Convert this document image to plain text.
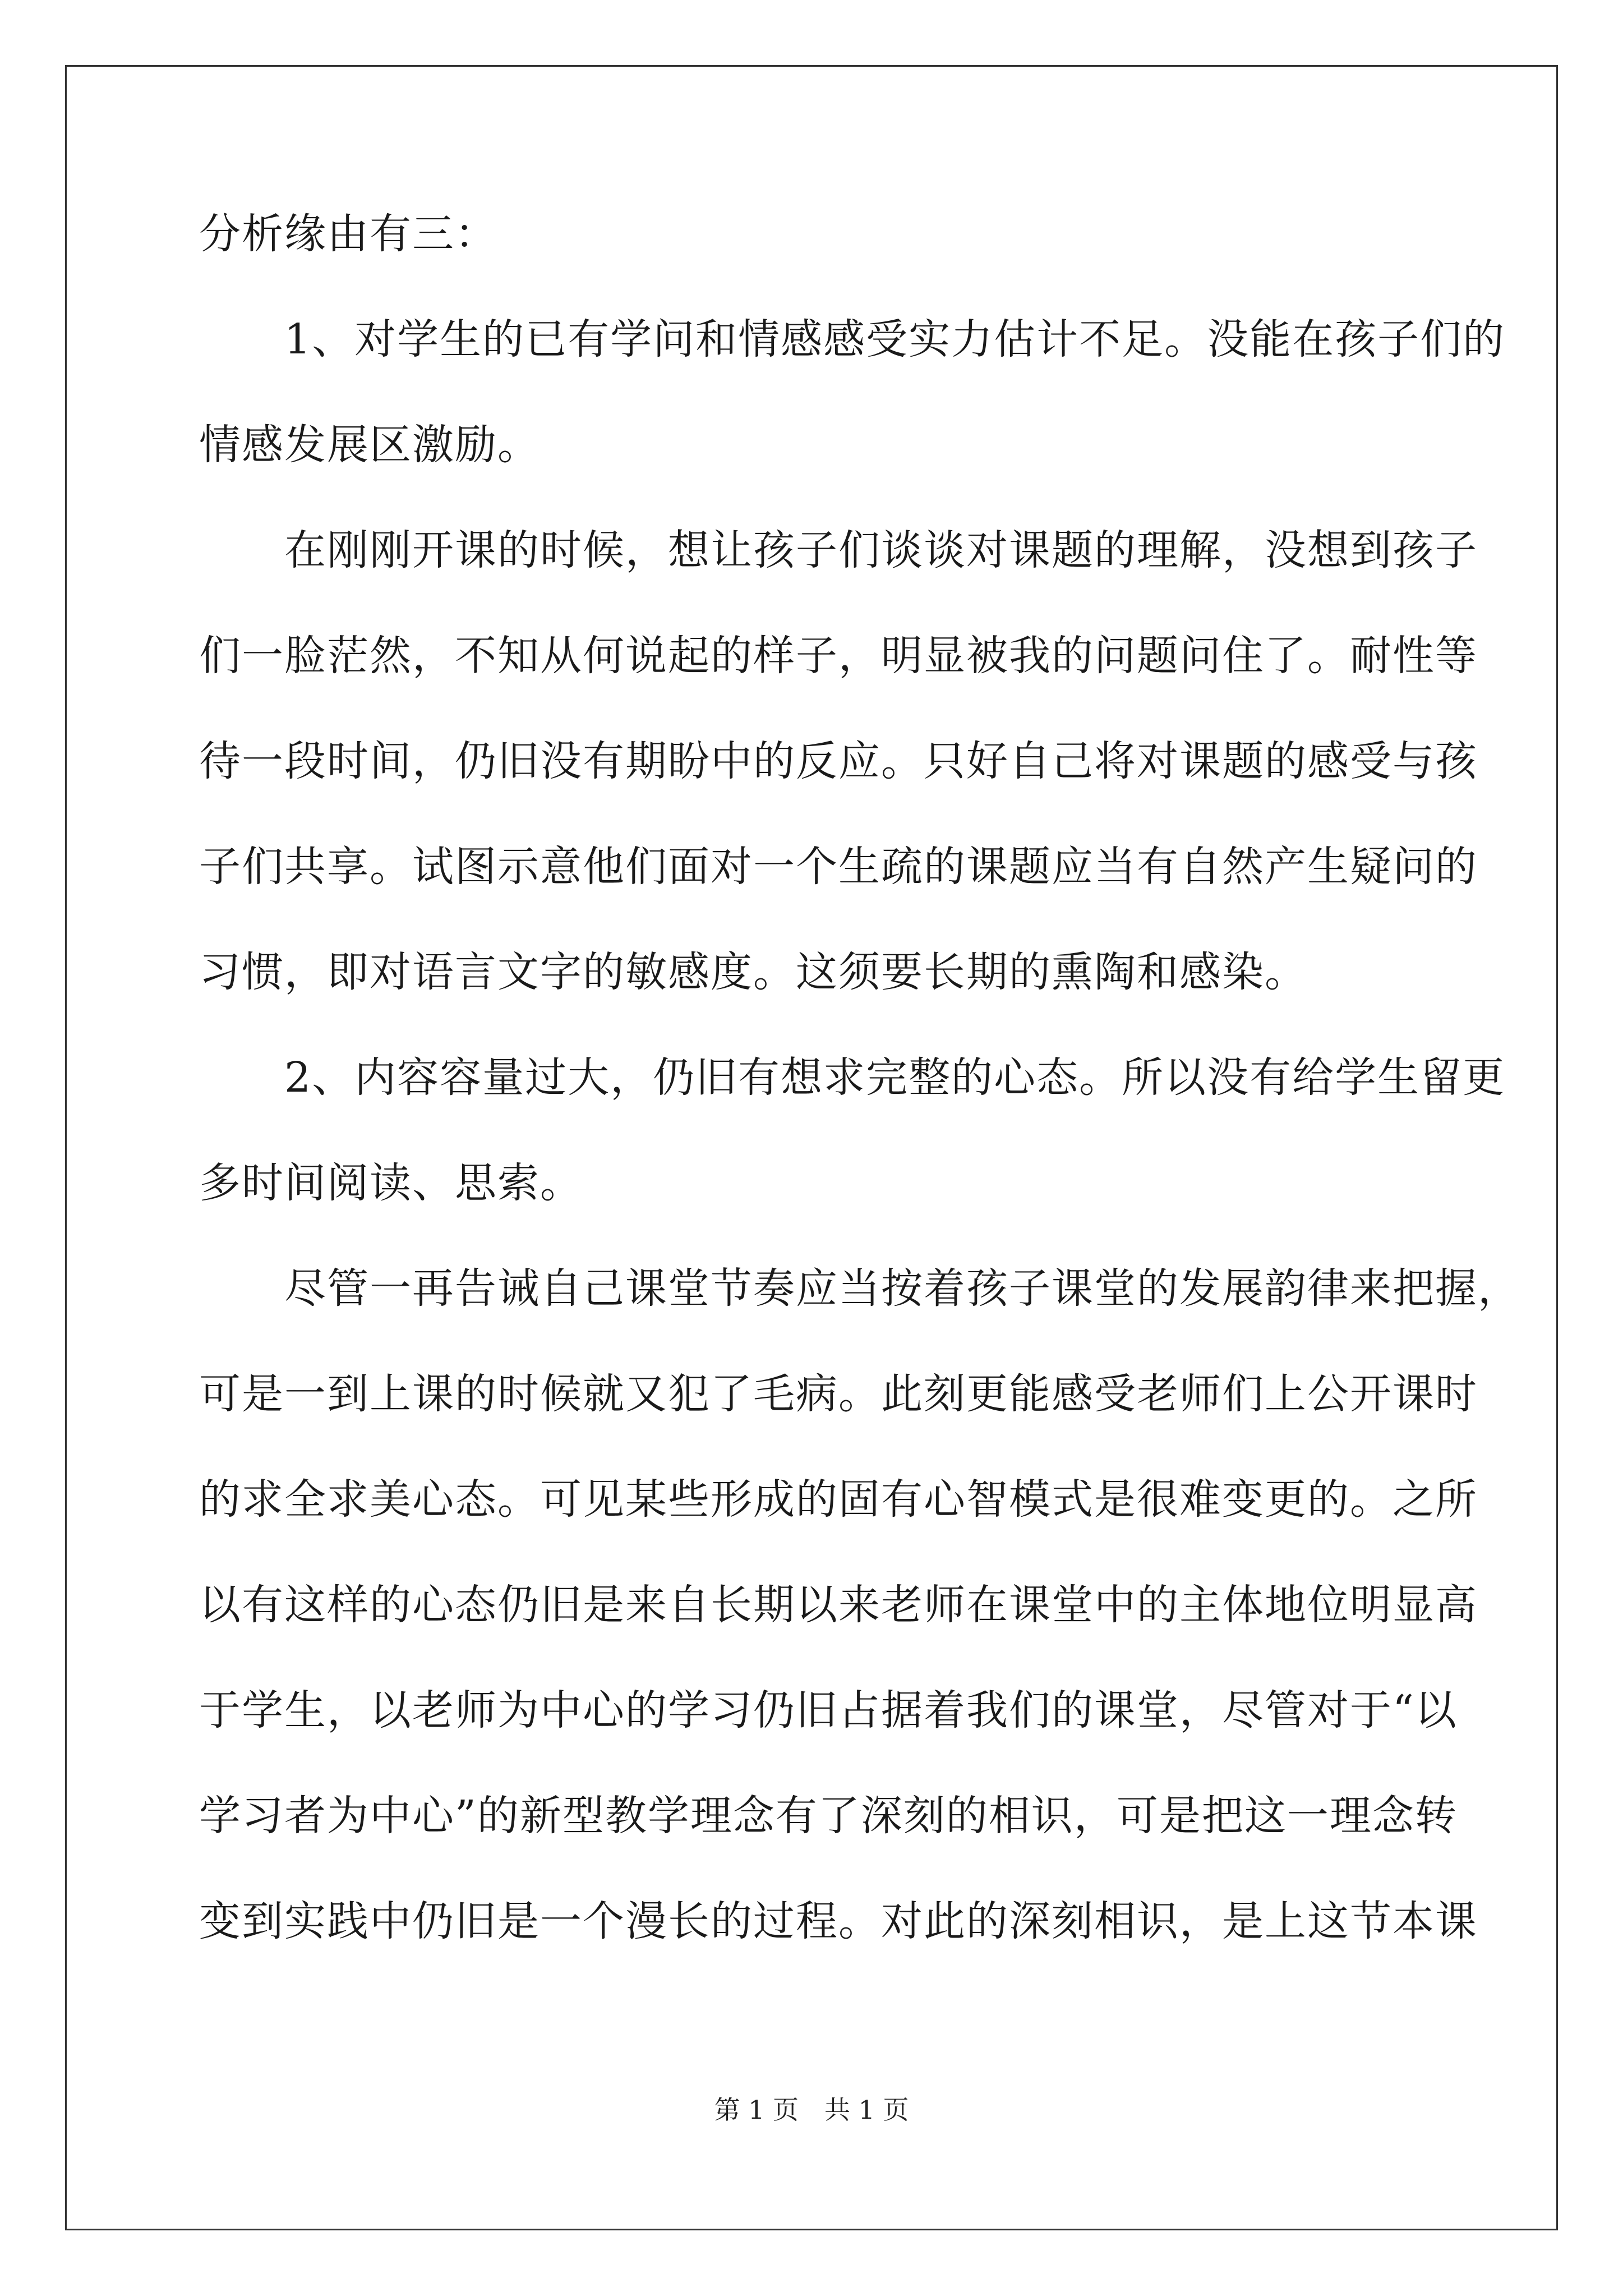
分析缘由有三：
　　1、对学生的已有学问和情感感受实力估计不足。没能在孩子们的
情感发展区激励。
　　在刚刚开课的时候，想让孩子们谈谈对课题的理解，没想到孩子
们一脸茫然，不知从何说起的样子，明显被我的问题问住了。耐性等
待一段时间，仍旧没有期盼中的反应。只好自己将对课题的感受与孩
子们共享。试图示意他们面对一个生疏的课题应当有自然产生疑问的
习惯，即对语言文字的敏感度。这须要长期的熏陶和感染。
　　2、内容容量过大，仍旧有想求完整的心态。所以没有给学生留更
多时间阅读、思索。
　　尽管一再告诫自己课堂节奏应当按着孩子课堂的发展韵律来把握，
可是一到上课的时候就又犯了毛病。此刻更能感受老师们上公开课时
的求全求美心态。可见某些形成的固有心智模式是很难变更的。之所
以有这样的心态仍旧是来自长期以来老师在课堂中的主体地位明显高
于学生，以老师为中心的学习仍旧占据着我们的课堂，尽管对于“以
学习者为中心”的新型教学理念有了深刻的相识，可是把这一理念转
变到实践中仍旧是一个漫长的过程。对此的深刻相识，是上这节本课
第 1 页　共 1 页
